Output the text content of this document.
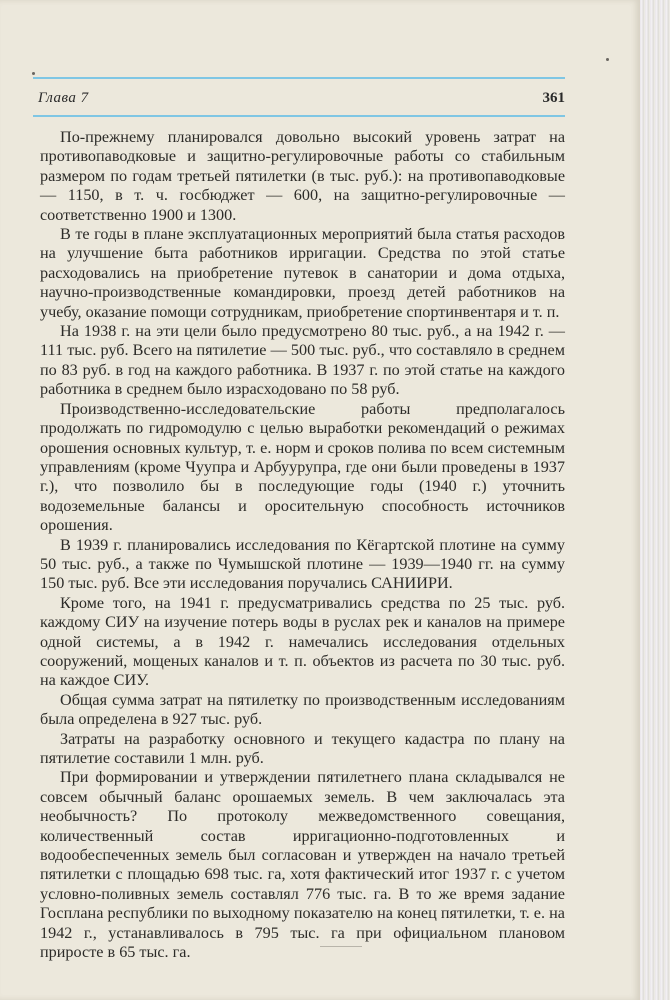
Глава 7	361

По-прежнему планировался довольно высокий уровень затрат на противопаводковые и защитно-регулировочные работы со стабильным размером по годам третьей пятилетки (в тыс. руб.): на противопаводковые — 1150, в т. ч. госбюджет — 600, на защитно-регулировочные — соответственно 1900 и 1300.

В те годы в плане эксплуатационных мероприятий была статья расходов на улучшение быта работников ирригации. Средства по этой статье расходовались на приобретение путевок в санатории и дома отдыха, научно-производственные командировки, проезд детей работников на учебу, оказание помощи сотрудникам, приобретение спортинвентаря и т. п.

На 1938 г. на эти цели было предусмотрено 80 тыс. руб., а на 1942 г. — 111 тыс. руб. Всего на пятилетие — 500 тыс. руб., что составляло в среднем по 83 руб. в год на каждого работника. В 1937 г. по этой статье на каждого работника в среднем было израсходовано по 58 руб.

Производственно-исследовательские работы предполагалось продолжать по гидромодулю с целью выработки рекомендаций о режимах орошения основных культур, т. е. норм и сроков полива по всем системным управлениям (кроме Чуупра и Арбуурупра, где они были проведены в 1937 г.), что позволило бы в последующие годы (1940 г.) уточнить водоземельные балансы и оросительную способность источников орошения.

В 1939 г. планировались исследования по Кёгартской плотине на сумму 50 тыс. руб., а также по Чумышской плотине — 1939—1940 гг. на сумму 150 тыс. руб. Все эти исследования поручались САНИИРИ.

Кроме того, на 1941 г. предусматривались средства по 25 тыс. руб. каждому СИУ на изучение потерь воды в руслах рек и каналов на примере одной системы, а в 1942 г. намечались исследования отдельных сооружений, мощеных каналов и т. п. объектов из расчета по 30 тыс. руб. на каждое СИУ.

Общая сумма затрат на пятилетку по производственным исследованиям была определена в 927 тыс. руб.

Затраты на разработку основного и текущего кадастра по плану на пятилетие составили 1 млн. руб.

При формировании и утверждении пятилетнего плана складывался не совсем обычный баланс орошаемых земель. В чем заключалась эта необычность? По протоколу межведомственного совещания, количественный состав ирригационно-подготовленных и водообеспеченных земель был согласован и утвержден на начало третьей пятилетки с площадью 698 тыс. га, хотя фактический итог 1937 г. с учетом условно-поливных земель составлял 776 тыс. га. В то же время задание Госплана республики по выходному показателю на конец пятилетки, т. е. на 1942 г., устанавливалось в 795 тыс. га при официальном плановом приросте в 65 тыс. га.
